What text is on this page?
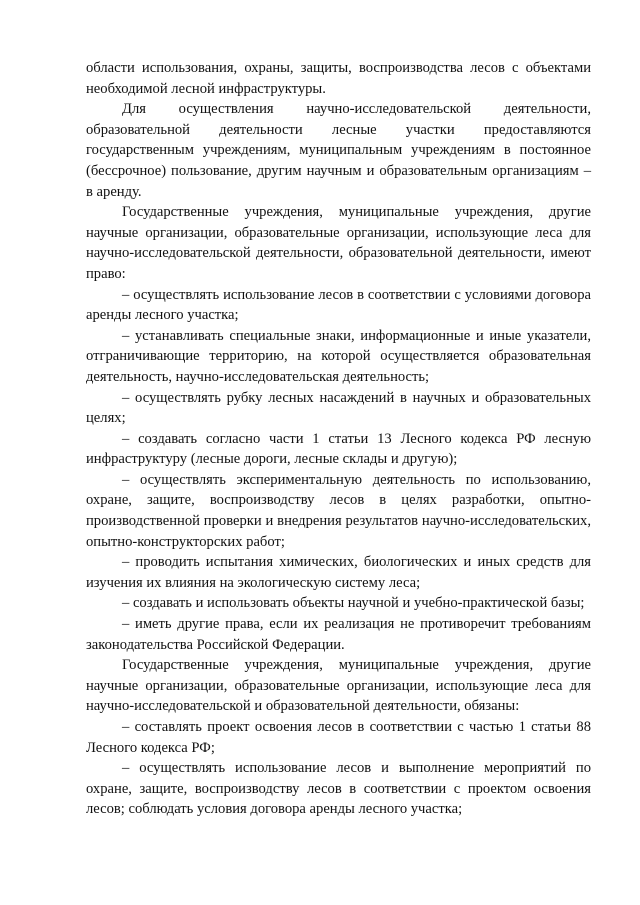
области использования, охраны, защиты, воспроизводства лесов с объектами необходимой лесной инфраструктуры.

Для осуществления научно-исследовательской деятельности, образовательной деятельности лесные участки предоставляются государственным учреждениям, муниципальным учреждениям в постоянное (бессрочное) пользование, другим научным и образовательным организациям – в аренду.

Государственные учреждения, муниципальные учреждения, другие научные организации, образовательные организации, использующие леса для научно-исследовательской деятельности, образовательной деятельности, имеют право:

– осуществлять использование лесов в соответствии с условиями договора аренды лесного участка;

– устанавливать специальные знаки, информационные и иные указатели, отграничивающие территорию, на которой осуществляется образовательная деятельность, научно-исследовательская деятельность;

– осуществлять рубку лесных насаждений в научных и образовательных целях;

– создавать согласно части 1 статьи 13 Лесного кодекса РФ лесную инфраструктуру (лесные дороги, лесные склады и другую);

– осуществлять экспериментальную деятельность по использованию, охране, защите, воспроизводству лесов в целях разработки, опытно-производственной проверки и внедрения результатов научно-исследовательских, опытно-конструкторских работ;

– проводить испытания химических, биологических и иных средств для изучения их влияния на экологическую систему леса;

– создавать и использовать объекты научной и учебно-практической базы;

– иметь другие права, если их реализация не противоречит требованиям законодательства Российской Федерации.

Государственные учреждения, муниципальные учреждения, другие научные организации, образовательные организации, использующие леса для научно-исследовательской и образовательной деятельности, обязаны:

– составлять проект освоения лесов в соответствии с частью 1 статьи 88 Лесного кодекса РФ;

– осуществлять использование лесов и выполнение мероприятий по охране, защите, воспроизводству лесов в соответствии с проектом освоения лесов; соблюдать условия договора аренды лесного участка;
